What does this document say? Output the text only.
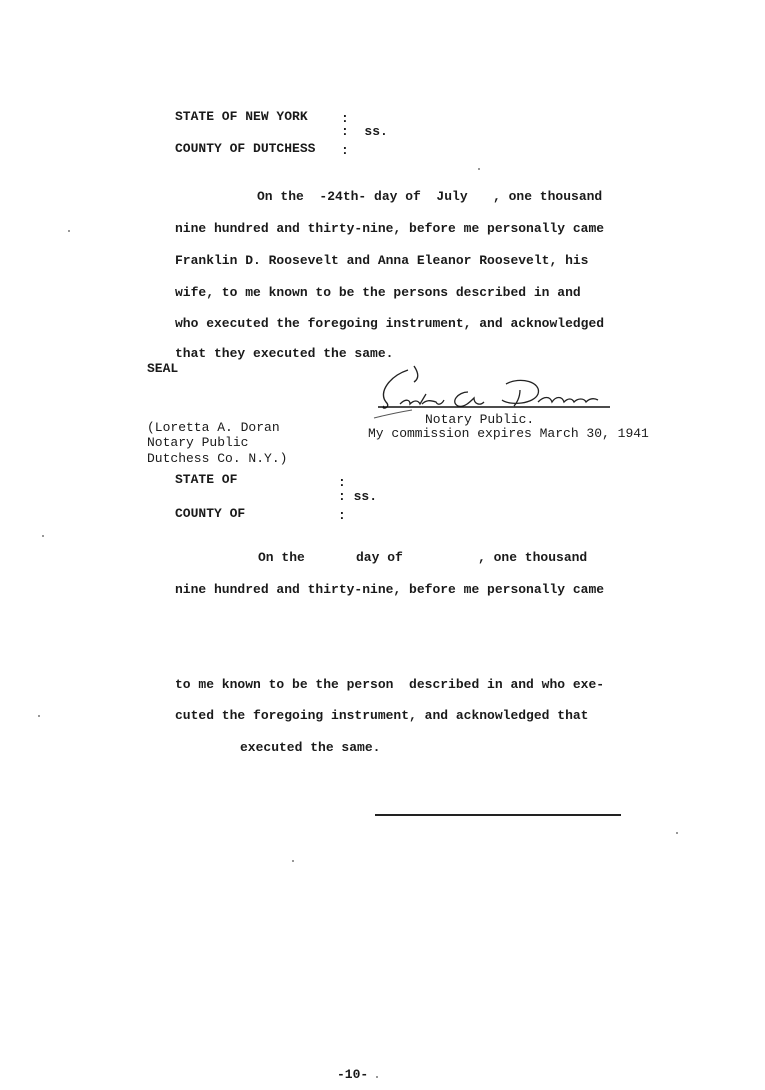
STATE OF NEW YORK	:
:  ss.
COUNTY OF DUTCHESS :
On the  -24th- day of  July , one thousand
nine hundred and thirty-nine, before me personally came
Franklin D. Roosevelt and Anna Eleanor Roosevelt, his
wife, to me known to be the persons described in and
who executed the foregoing instrument, and acknowledged
that they executed the same.
SEAL
(Loretta A. Doran
Notary Public
Dutchess Co. N.Y.)
Notary Public.
My commission expires March 30, 1941
STATE OF	:
: ss.
COUNTY OF	:
On the	day of	, one thousand
nine hundred and thirty-nine, before me personally came
to me known to be the person  described in and who exe-
cuted the foregoing instrument, and acknowledged that
executed the same.
-10-
